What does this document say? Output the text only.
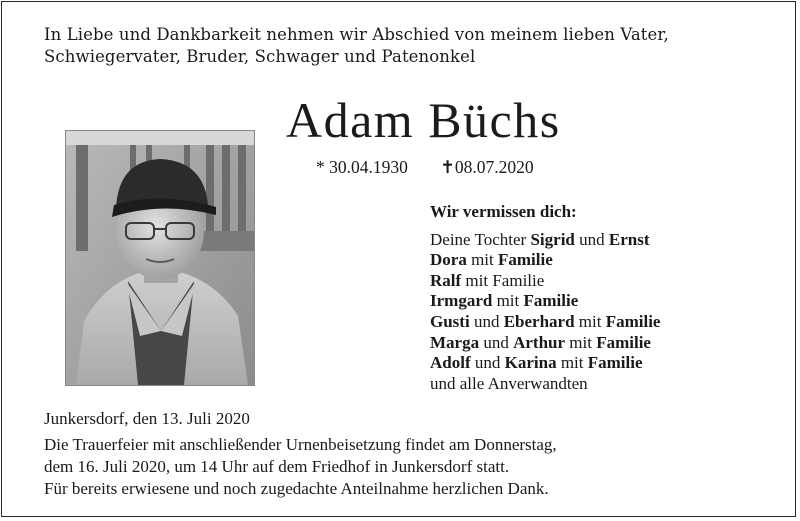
In Liebe und Dankbarkeit nehmen wir Abschied von meinem lieben Vater,
Schwiegervater, Bruder, Schwager und Patenonkel
Adam Büchs
* 30.04.1930 ✝08.07.2020
Wir vermissen dich:
Deine Tochter Sigrid und Ernst
Dora mit Familie
Ralf mit Familie
Irmgard mit Familie
Gusti und Eberhard mit Familie
Marga und Arthur mit Familie
Adolf und Karina mit Familie
und alle Anverwandten
Junkersdorf, den 13. Juli 2020
Die Trauerfeier mit anschließender Urnenbeisetzung findet am Donnerstag,
dem 16. Juli 2020, um 14 Uhr auf dem Friedhof in Junkersdorf statt.
Für bereits erwiesene und noch zugedachte Anteilnahme herzlichen Dank.
